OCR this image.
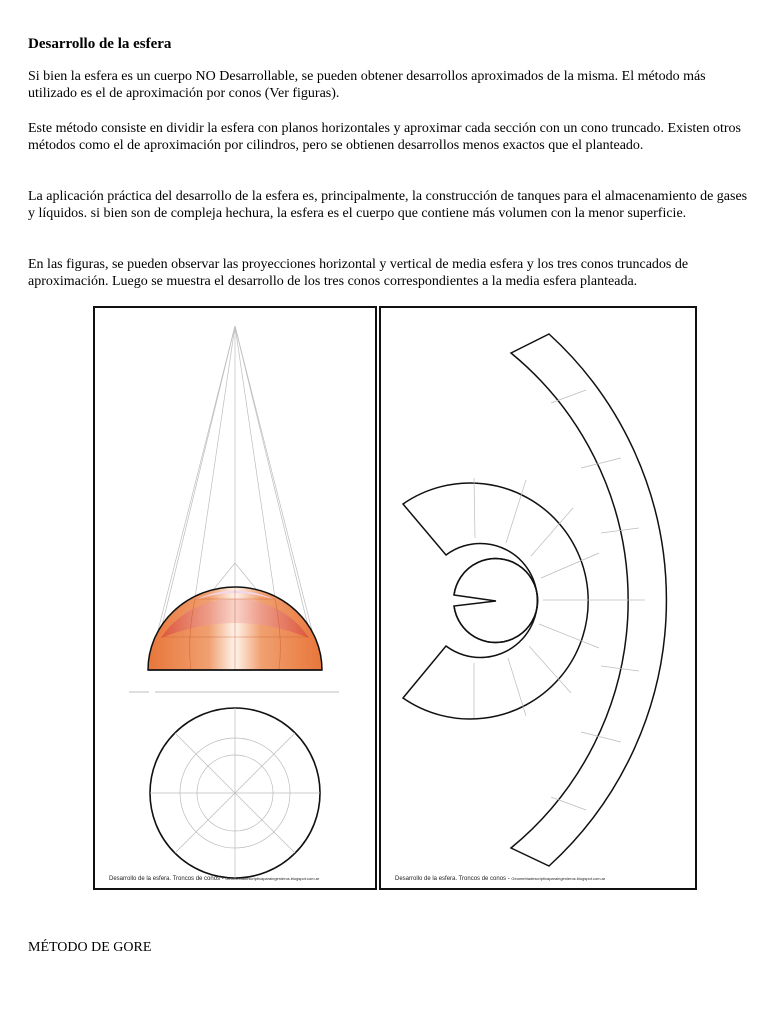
Desarrollo de la esfera

Si bien la esfera es un cuerpo NO Desarrollable, se pueden obtener desarrollos aproximados de la misma. El método más utilizado es el de aproximación por conos (Ver figuras).

Este método consiste en dividir la esfera con planos horizontales y aproximar cada sección con un cono truncado. Existen otros métodos como el de aproximación por cilindros, pero se obtienen desarrollos menos exactos que el planteado.

La aplicación práctica del desarrollo de la esfera es, principalmente, la construcción de tanques para el almacenamiento de gases y líquidos. si bien son de compleja hechura, la esfera es el cuerpo que contiene más volumen con la menor superficie.

En las figuras, se pueden observar las proyecciones horizontal y vertical de media esfera y los tres conos truncados de aproximación. Luego se muestra el desarrollo de los tres conos correspondientes a la media esfera planteada.

Desarrollo de la esfera. Troncos de conos - Geometriadescriptivaparaingenieros.blogspot.com.ar	Desarrollo de la esfera. Troncos de conos - Geometriadescriptivaparaingenieros.blogspot.com.ar
MÉTODO DE GORE
